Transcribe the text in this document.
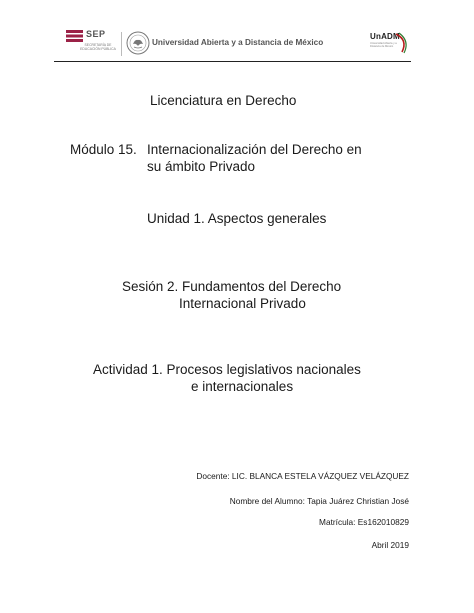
SEP
SECRETARÍA DE EDUCACIÓN PÚBLICA
Universidad Abierta y a Distancia de México
UnADM
Universidad Abierta y a Distancia de México
Licenciatura en Derecho
Módulo 15. Internacionalización del Derecho en
su ámbito Privado
Unidad 1. Aspectos generales
Sesión 2. Fundamentos del Derecho
Internacional Privado
Actividad 1. Procesos legislativos nacionales
e internacionales
Docente: LIC. BLANCA ESTELA VÁZQUEZ VELÁZQUEZ
Nombre del Alumno: Tapia Juárez Christian José
Matrícula: Es162010829
Abril 2019
